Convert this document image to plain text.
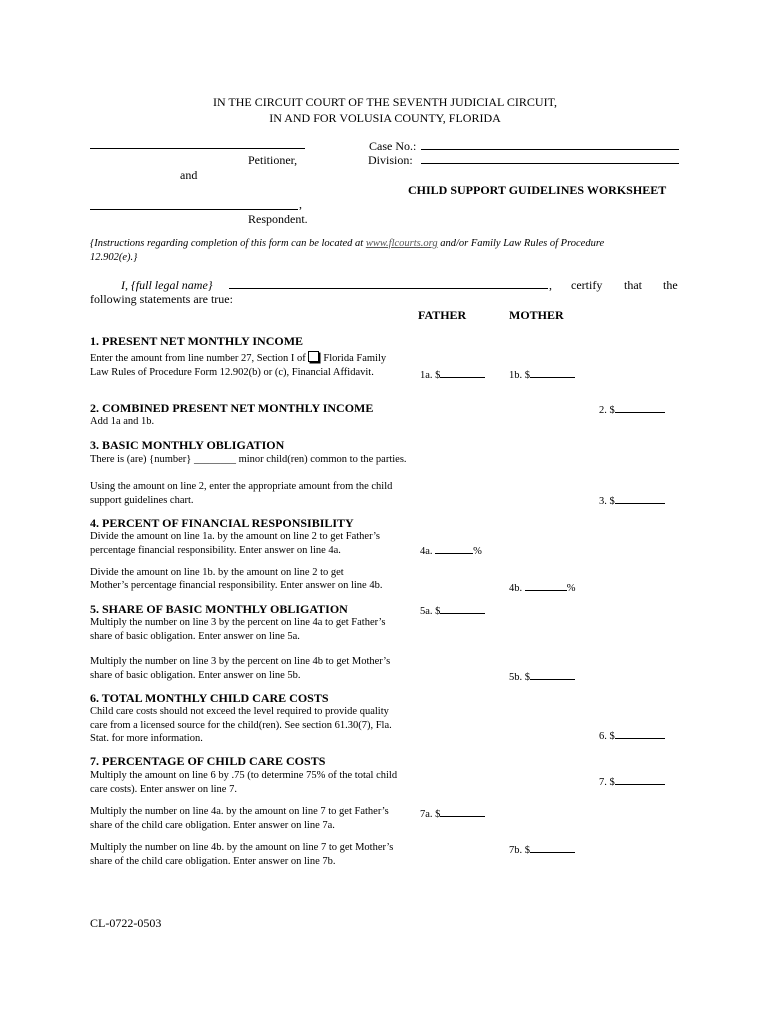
IN THE CIRCUIT COURT OF THE SEVENTH JUDICIAL CIRCUIT,
IN AND FOR VOLUSIA COUNTY, FLORIDA
Petitioner,
and
,
Respondent.
Case No.:
Division:
CHILD SUPPORT GUIDELINES WORKSHEET
{Instructions regarding completion of this form can be located at www.flcourts.org and/or Family Law Rules of Procedure
12.902(e).}
I, {full legal name}	, certify that the
following statements are true:
FATHER	MOTHER
1. PRESENT NET MONTHLY INCOME
Enter the amount from line number 27, Section I of Florida Family Law Rules of Procedure Form 12.902(b) or (c), Financial Affidavit.	1a. $	1b. $
2. COMBINED PRESENT NET MONTHLY INCOME
Add 1a and 1b.
2. $
3. BASIC MONTHLY OBLIGATION
There is (are) {number} ________ minor child(ren) common to the parties.
Using the amount on line 2, enter the appropriate amount from the child support guidelines chart.	3. $
4. PERCENT OF FINANCIAL RESPONSIBILITY
Divide the amount on line 1a. by the amount on line 2 to get Father’s percentage financial responsibility. Enter answer on line 4a.	4a.	%
Divide the amount on line 1b. by the amount on line 2 to get
Mother’s percentage financial responsibility. Enter answer on line 4b.	4b.	%
5. SHARE OF BASIC MONTHLY OBLIGATION
Multiply the number on line 3 by the percent on line 4a to get Father’s share of basic obligation. Enter answer on line 5a.
5a. $
Multiply the number on line 3 by the percent on line 4b to get Mother’s share of basic obligation. Enter answer on line 5b.	5b. $
6. TOTAL MONTHLY CHILD CARE COSTS
Child care costs should not exceed the level required to provide quality care from a licensed source for the child(ren). See section 61.30(7), Fla. Stat. for more information.	6. $
7. PERCENTAGE OF CHILD CARE COSTS
Multiply the amount on line 6 by .75 (to determine 75% of the total child care costs). Enter answer on line 7.
7. $
Multiply the number on line 4a. by the amount on line 7 to get Father’s share of the child care obligation. Enter answer on line 7a.
7a. $
Multiply the number on line 4b. by the amount on line 7 to get Mother’s share of the child care obligation. Enter answer on line 7b.
7b. $
CL-0722-0503
